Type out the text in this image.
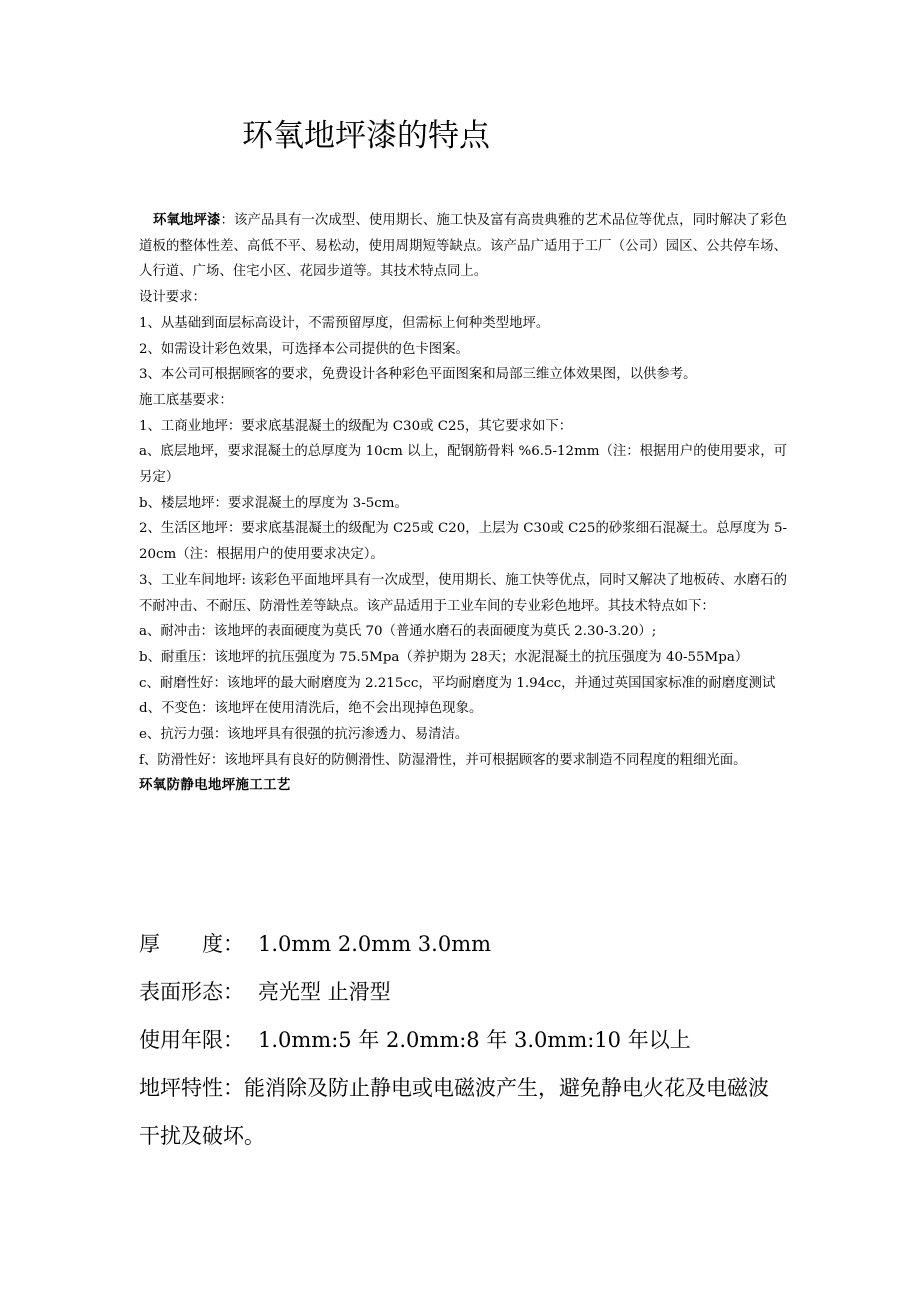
环氧地坪漆的特点

环氧地坪漆：该产品具有一次成型、使用期长、施工快及富有高贵典雅的艺术品位等优点，同时解决了彩色道板的整体性差、高低不平、易松动，使用周期短等缺点。该产品广适用于工厂（公司）园区、公共停车场、人行道、广场、住宅小区、花园步道等。其技术特点同上。

设计要求：

1、从基础到面层标高设计，不需预留厚度，但需标上何种类型地坪。

2、如需设计彩色效果，可选择本公司提供的色卡图案。

3、本公司可根据顾客的要求，免费设计各种彩色平面图案和局部三维立体效果图，以供参考。

施工底基要求：

1、工商业地坪：要求底基混凝土的级配为 C30或 C25，其它要求如下：

a、底层地坪，要求混凝土的总厚度为 10cm 以上，配钢筋骨料 %6.5-12mm（注：根据用户的使用要求，可另定）

b、楼层地坪：要求混凝土的厚度为 3-5cm。

2、生活区地坪：要求底基混凝土的级配为 C25或 C20，上层为 C30或 C25的砂浆细石混凝土。总厚度为 5-20cm（注：根据用户的使用要求决定）。

3、工业车间地坪: 该彩色平面地坪具有一次成型，使用期长、施工快等优点，同时又解决了地板砖、水磨石的不耐冲击、不耐压、防滑性差等缺点。该产品适用于工业车间的专业彩色地坪。其技术特点如下：

a、耐冲击：该地坪的表面硬度为莫氏 70（普通水磨石的表面硬度为莫氏 2.30-3.20）;

b、耐重压：该地坪的抗压强度为 75.5Mpa（养护期为 28天；水泥混凝土的抗压强度为 40-55Mpa）

c、耐磨性好：该地坪的最大耐磨度为 2.215cc，平均耐磨度为 1.94cc，并通过英国国家标准的耐磨度测试

d、不变色：该地坪在使用清洗后，绝不会出现掉色现象。

e、抗污力强：该地坪具有很强的抗污渗透力、易清洁。

f、防滑性好：该地坪具有良好的防侧滑性、防湿滑性，并可根据顾客的要求制造不同程度的粗细光面。

环氧防静电地坪施工工艺

厚　　度： 1.0mm 2.0mm 3.0mm
表面形态： 亮光型 止滑型
使用年限： 1.0mm:5 年 2.0mm:8 年 3.0mm:10 年以上
地坪特性：能消除及防止静电或电磁波产生，避免静电火花及电磁波干扰及破坏。
